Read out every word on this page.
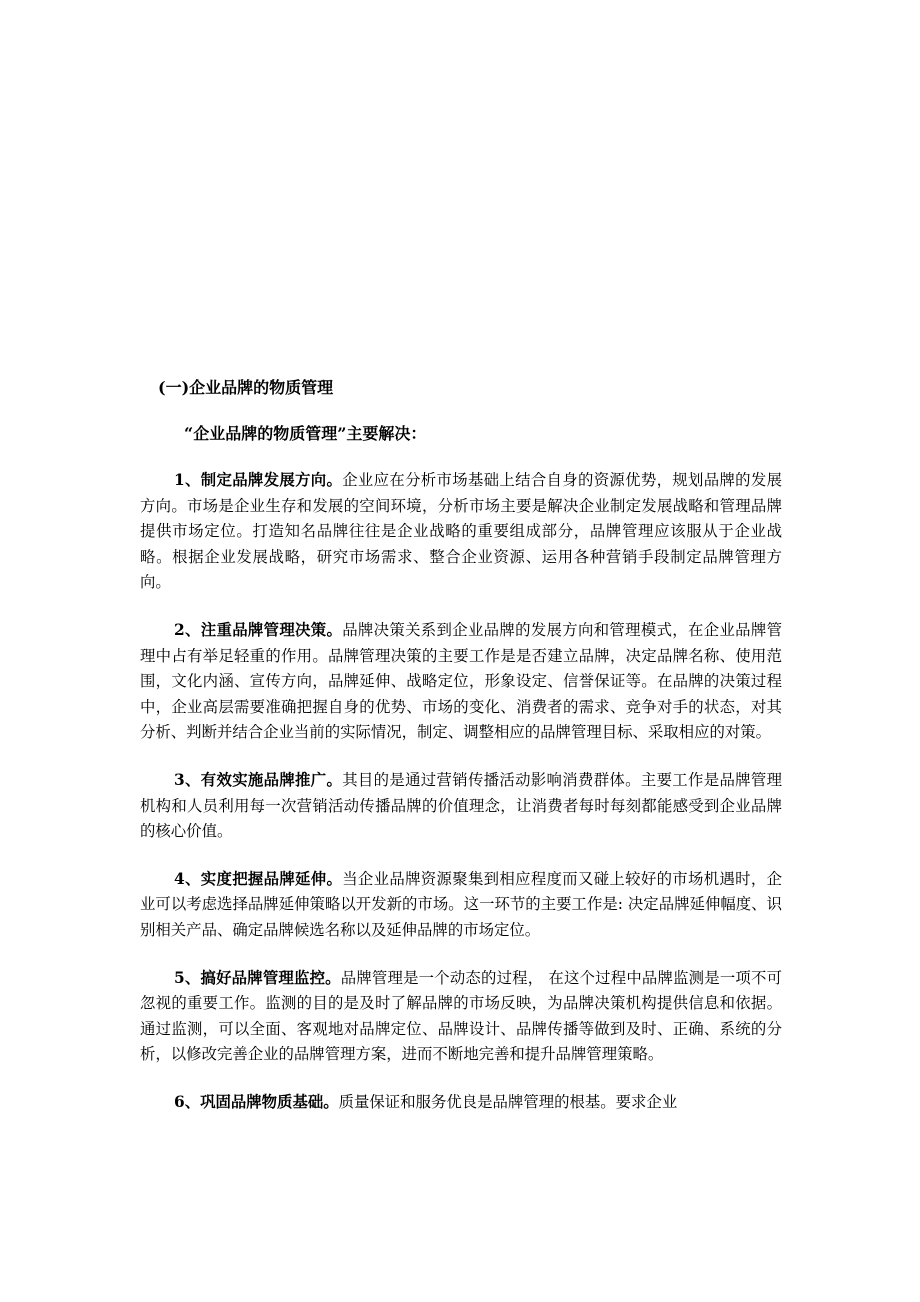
(一)企业品牌的物质管理

“企业品牌的物质管理”主要解决：

1、制定品牌发展方向。企业应在分析市场基础上结合自身的资源优势，规划品牌的发展方向。市场是企业生存和发展的空间环境，分析市场主要是解决企业制定发展战略和管理品牌提供市场定位。打造知名品牌往往是企业战略的重要组成部分，品牌管理应该服从于企业战略。根据企业发展战略，研究市场需求、整合企业资源、运用各种营销手段制定品牌管理方向。

2、注重品牌管理决策。品牌决策关系到企业品牌的发展方向和管理模式，在企业品牌管理中占有举足轻重的作用。品牌管理决策的主要工作是是否建立品牌，决定品牌名称、使用范围，文化内涵、宣传方向，品牌延伸、战略定位，形象设定、信誉保证等。在品牌的决策过程中，企业高层需要准确把握自身的优势、市场的变化、消费者的需求、竞争对手的状态，对其分析、判断并结合企业当前的实际情况，制定、调整相应的品牌管理目标、采取相应的对策。

3、有效实施品牌推广。其目的是通过营销传播活动影响消费群体。主要工作是品牌管理机构和人员利用每一次营销活动传播品牌的价值理念，让消费者每时每刻都能感受到企业品牌的核心价值。

4、实度把握品牌延伸。当企业品牌资源聚集到相应程度而又碰上较好的市场机遇时，企业可以考虑选择品牌延伸策略以开发新的市场。这一环节的主要工作是: 决定品牌延伸幅度、识别相关产品、确定品牌候选名称以及延伸品牌的市场定位。

5、搞好品牌管理监控。品牌管理是一个动态的过程， 在这个过程中品牌监测是一项不可忽视的重要工作。监测的目的是及时了解品牌的市场反映，为品牌决策机构提供信息和依据。通过监测，可以全面、客观地对品牌定位、品牌设计、品牌传播等做到及时、正确、系统的分析，以修改完善企业的品牌管理方案，进而不断地完善和提升品牌管理策略。

6、巩固品牌物质基础。质量保证和服务优良是品牌管理的根基。要求企业
